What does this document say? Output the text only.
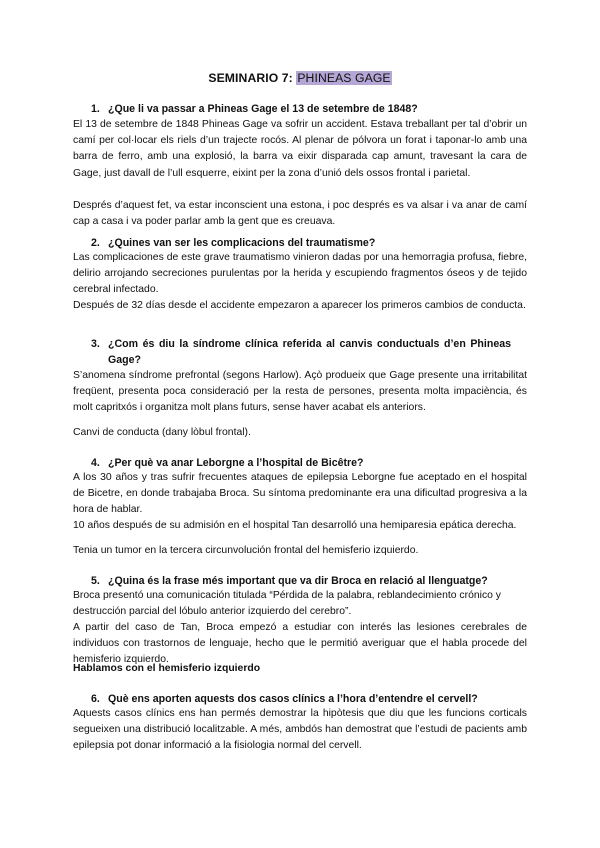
SEMINARIO 7: PHINEAS GAGE
1. ¿Que li va passar a Phineas Gage el 13 de setembre de 1848?

El 13 de setembre de 1848 Phineas Gage va sofrir un accident. Estava treballant per tal d’obrir un camí per col·locar els riels d’un trajecte rocós. Al plenar de pólvora un forat i taponar-lo amb una barra de ferro, amb una explosió, la barra va eixir disparada cap amunt, travesant la cara de Gage, just davall de l’ull esquerre, eixint per la zona d’unió dels ossos frontal i parietal.

Després d’aquest fet, va estar inconscient una estona, i poc després es va alsar i va anar de camí cap a casa i va poder parlar amb la gent que es creuava.

2. ¿Quines van ser les complicacions del traumatisme?

Las complicaciones de este grave traumatismo vinieron dadas por una hemorragia profusa, fiebre, delirio arrojando secreciones purulentas por la herida y escupiendo fragmentos óseos y de tejido cerebral infectado.

Después de 32 días desde el accidente empezaron a aparecer los primeros cambios de conducta.

3. ¿Com és diu la síndrome clínica referida al canvis conductuals d’en Phineas Gage?

S’anomena síndrome prefrontal (segons Harlow). Açò produeix que Gage presente una irritabilitat freqüent, presenta poca consideració per la resta de persones, presenta molta impaciència, és molt capritxós i organitza molt plans futurs, sense haver acabat els anteriors.

Canvi de conducta (dany lòbul frontal).

4. ¿Per què va anar Leborgne a l’hospital de Bicêtre?

A los 30 años y tras sufrir frecuentes ataques de epilepsia Leborgne fue aceptado en el hospital de Bicetre, en donde trabajaba Broca. Su síntoma predominante era una dificultad progresiva a la hora de hablar.

10 años después de su admisión en el hospital Tan desarrolló una hemiparesia epática derecha.

Tenia un tumor en la tercera circunvolución frontal del hemisferio izquierdo.

5. ¿Quina és la frase més important que va dir Broca en relació al llenguatge?

Broca presentó una comunicación titulada “Pérdida de la palabra, reblandecimiento crónico y destrucción parcial del lóbulo anterior izquierdo del cerebro”.

A partir del caso de Tan, Broca empezó a estudiar con interés las lesiones cerebrales de individuos con trastornos de lenguaje, hecho que le permitió averiguar que el habla procede del hemisferio izquierdo.

Hablamos con el hemisferio izquierdo

6. Què ens aporten aquests dos casos clínics a l’hora d’entendre el cervell?

Aquests casos clínics ens han permés demostrar la hipòtesis que diu que les funcions corticals segueixen una distribució localitzable. A més, ambdós han demostrat que l’estudi de pacients amb epilepsia pot donar informació a la fisiologia normal del cervell.
